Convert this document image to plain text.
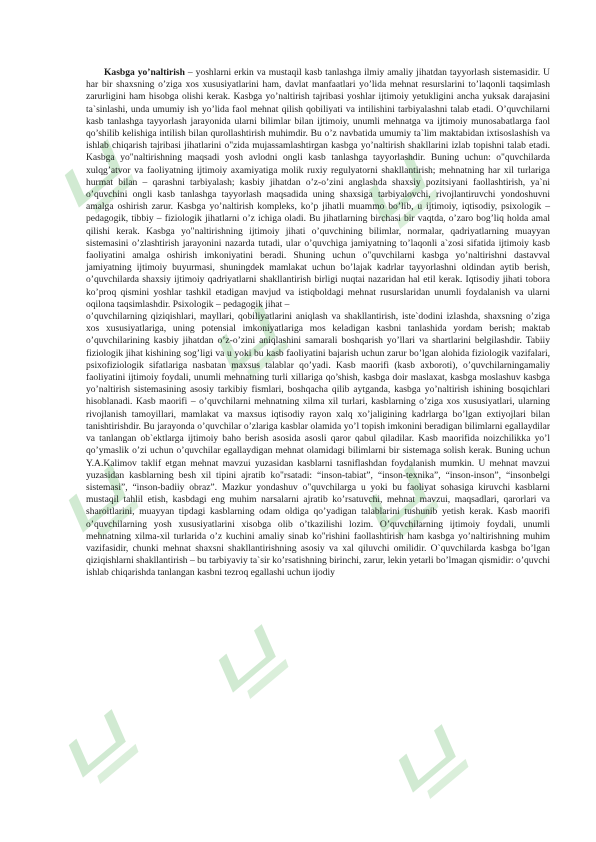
Kasbga yo’naltirish – yoshlarni erkin va mustaqil kasb tanlashga ilmiy amaliy jihatdan tayyorlash sistemasidir. U har bir shaxsning o’ziga xos xususiyatlarini ham, davlat manfaatlari yo’lida mehnat resurslarini to’laqonli taqsimlash zarurligini ham hisobga olishi kerak. Kasbga yo’naltirish tajribasi yoshlar ijtimoiy yetukligini ancha yuksak darajasini ta`sinlashi, unda umumiy ish yo’lida faol mehnat qilish qobiliyati va intilishini tarbiyalashni talab etadi. O’quvchilarni kasb tanlashga tayyorlash jarayonida ularni bilimlar bilan ijtimoiy, unumli mehnatga va ijtimoiy munosabatlarga faol qo’shilib kelishiga intilish bilan qurollashtirish muhimdir. Bu o’z navbatida umumiy ta`lim maktabidan ixtisoslashish va ishlab chiqarish tajribasi jihatlarini o"zida mujassamlashtirgan kasbga yo’naltirish shakllarini izlab topishni talab etadi. Kasbga yo"naltirishning maqsadi yosh avlodni ongli kasb tanlashga tayyorlashdir. Buning uchun: o"quvchilarda xulqg’atvor va faoliyatning ijtimoiy axamiyatiga molik ruxiy regulyatorni shakllantirish; mehnatning har xil turlariga hurmat bilan – qarashni tarbiyalash; kasbiy jihatdan o’z-o’zini anglashda shaxsiy pozitsiyani faollashtirish, ya`ni o’quvchini ongli kasb tanlashga tayyorlash maqsadida uning shaxsiga tarbiyalovchi, rivojlantiruvchi yondoshuvni amalga oshirish zarur. Kasbga yo’naltirish kompleks, ko’p jihatli muammo bo’lib, u ijtimoiy, iqtisodiy, psixologik – pedagogik, tibbiy – fiziologik jihatlarni o’z ichiga oladi. Bu jihatlarning birchasi bir vaqtda, o’zaro bog’liq holda amal qilishi kerak. Kasbga yo"naltirishning ijtimoiy jihati o’quvchining bilimlar, normalar, qadriyatlarning muayyan sistemasini o’zlashtirish jarayonini nazarda tutadi, ular o’quvchiga jamiyatning to’laqonli a`zosi sifatida ijtimoiy kasb faoliyatini amalga oshirish imkoniyatini beradi. Shuning uchun o"quvchilarni kasbga yo’naltirishni dastavval jamiyatning ijtimoiy buyurmasi, shuningdek mamlakat uchun bo’lajak kadrlar tayyorlashni oldindan aytib berish, o’quvchilarda shaxsiy ijtimoiy qadriyatlarni shakllantirish birligi nuqtai nazaridan hal etil kerak. Iqtisodiy jihati tobora ko’proq qismini yoshlar tashkil etadigan mavjud va istiqboldagi mehnat rusurslaridan unumli foydalanish va ularni oqilona taqsimlashdir. Psixologik – pedagogik jihat –

o’quvchilarning qiziqishlari, mayllari, qobiliyatlarini aniqlash va shakllantirish, iste`dodini izlashda, shaxsning o’ziga xos xususiyatlariga, uning potensial imkoniyatlariga mos keladigan kasbni tanlashida yordam berish; maktab o’quvchilarining kasbiy jihatdan o’z-o’zini aniqlashini samarali boshqarish yo’llari va shartlarini belgilashdir. Tabiiy fiziologik jihat kishining sog’ligi va u yoki bu kasb faoliyatini bajarish uchun zarur bo’lgan alohida fiziologik vazifalari, psixofiziologik sifatlariga nasbatan maxsus talablar qo’yadi. Kasb maorifi (kasb axboroti), o’quvchilarningamaliy faoliyatini ijtimoiy foydali, unumli mehnatning turli xillariga qo’shish, kasbga doir maslaxat, kasbga moslashuv kasbga yo’naltirish sistemasining asosiy tarkibiy fismlari, boshqacha qilib aytganda, kasbga yo’naltirish ishining bosqichlari hisoblanadi. Kasb maorifi – o’quvchilarni mehnatning xilma xil turlari, kasblarning o’ziga xos xususiyatlari, ularning rivojlanish tamoyillari, mamlakat va maxsus iqtisodiy rayon xalq xo’jaligining kadrlarga bo’lgan extiyojlari bilan tanishtirishdir. Bu jarayonda o’quvchilar o’zlariga kasblar olamida yo’l topish imkonini beradigan bilimlarni egallaydilar va tanlangan ob`ektlarga ijtimoiy baho berish asosida asosli qaror qabul qiladilar. Kasb maorifida noizchilikka yo’l qo’ymaslik o’zi uchun o’quvchilar egallaydigan mehnat olamidagi bilimlarni bir sistemaga solish kerak. Buning uchun Y.A.Kalimov taklif etgan mehnat mavzui yuzasidan kasblarni tasniflashdan foydalanish mumkin. U mehnat mavzui yuzasidan kasblarning besh xil tipini ajratib ko"rsatadi: “inson-tabiat”, “inson-texnika”, “inson-inson”, “insonbelgi sistemasi”, “inson-badiiy obraz”. Mazkur yondashuv o"quvchilarga u yoki bu faoliyat sohasiga kiruvchi kasblarni mustaqil tahlil etish, kasbdagi eng muhim narsalarni ajratib ko’rsatuvchi, mehnat mavzui, maqsadlari, qarorlari va sharoitlarini, muayyan tipdagi kasblarning odam oldiga qo’yadigan talablarini tushunib yetish kerak. Kasb maorifi o’quvchilarning yosh xususiyatlarini xisobga olib o’tkazilishi lozim. O’quvchilarning ijtimoiy foydali, unumli mehnatning xilma-xil turlarida o’z kuchini amaliy sinab ko"rishini faollashtirish ham kasbga yo’naltirishning muhim vazifasidir, chunki mehnat shaxsni shakllantirishning asosiy va xal qiluvchi omilidir. O`quvchilarda kasbga bo’lgan qiziqishlarni shakllantirish – bu tarbiyaviy ta`sir ko’rsatishning birinchi, zarur, lekin yetarli bo’lmagan qismidir: o’quvchi ishlab chiqarishda tanlangan kasbni tezroq egallashi uchun ijodiy
